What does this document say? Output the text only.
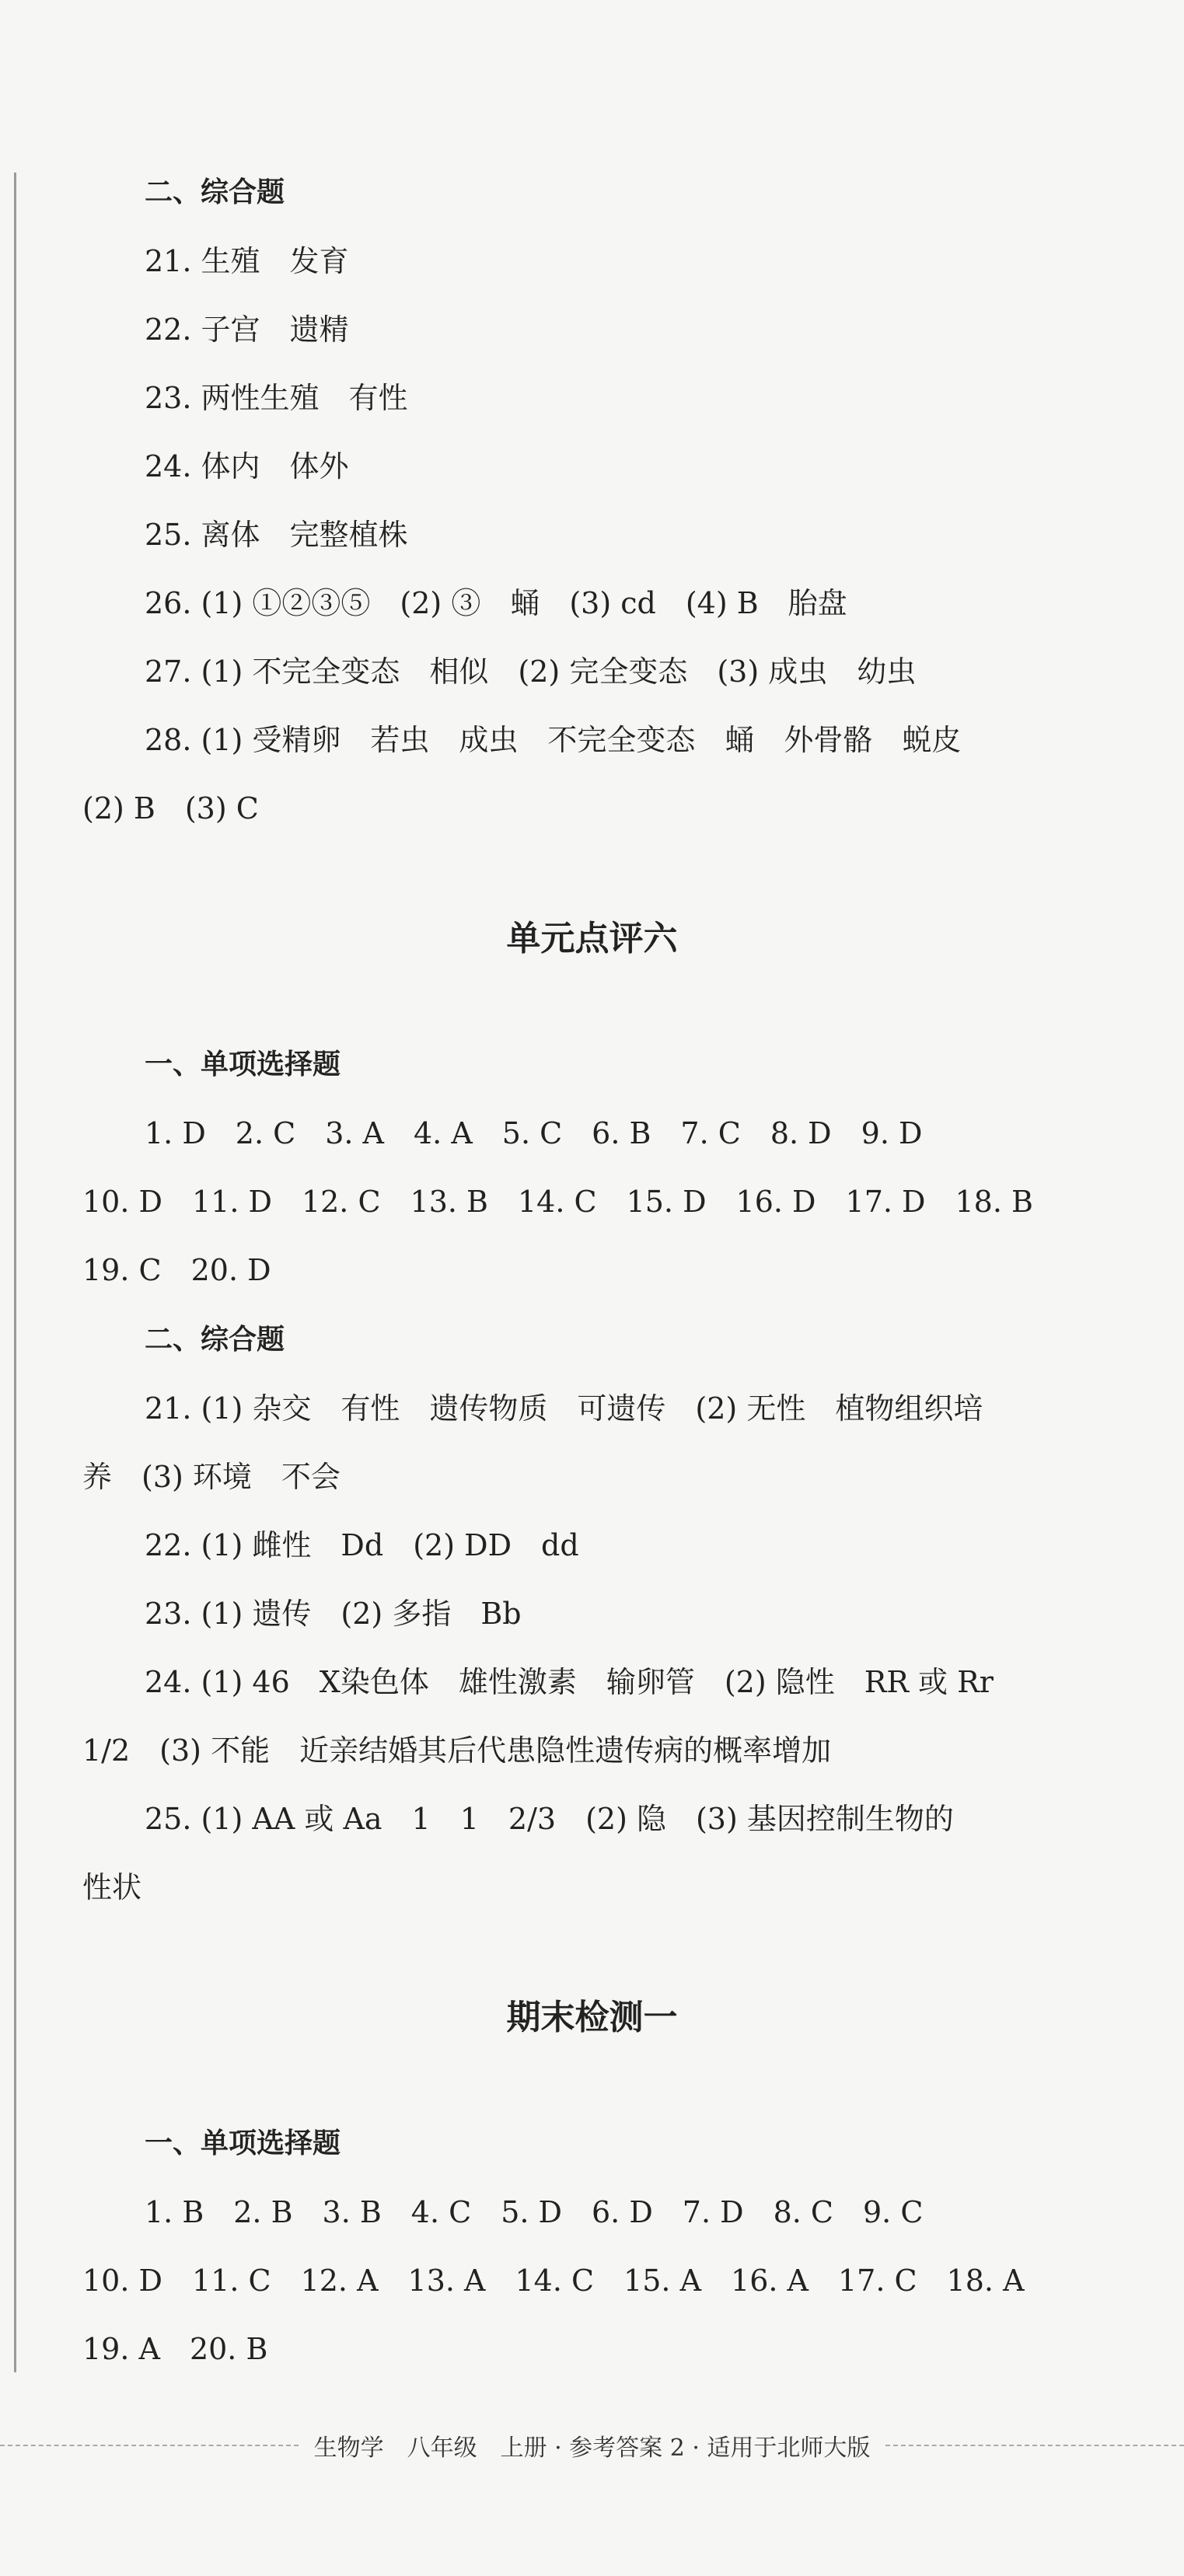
二、综合题
21. 生殖　发育
22. 子宫　遗精
23. 两性生殖　有性
24. 体内　体外
25. 离体　完整植株
26. (1) ①②③⑤　(2) ③　蛹　(3) cd　(4) B　胎盘
27. (1) 不完全变态　相似　(2) 完全变态　(3) 成虫　幼虫
28. (1) 受精卵　若虫　成虫　不完全变态　蛹　外骨骼　蜕皮
(2) B　(3) C
单元点评六
一、单项选择题
1. D　2. C　3. A　4. A　5. C　6. B　7. C　8. D　9. D
10. D　11. D　12. C　13. B　14. C　15. D　16. D　17. D　18. B
19. C　20. D
二、综合题
21. (1) 杂交　有性　遗传物质　可遗传　(2) 无性　植物组织培
养　(3) 环境　不会
22. (1) 雌性　Dd　(2) DD　dd
23. (1) 遗传　(2) 多指　Bb
24. (1) 46　X染色体　雄性激素　输卵管　(2) 隐性　RR 或 Rr
1/2　(3) 不能　近亲结婚其后代患隐性遗传病的概率增加
25. (1) AA 或 Aa　1　1　2/3　(2) 隐　(3) 基因控制生物的
性状
期末检测一
一、单项选择题
1. B　2. B　3. B　4. C　5. D　6. D　7. D　8. C　9. C
10. D　11. C　12. A　13. A　14. C　15. A　16. A　17. C　18. A
19. A　20. B
生物学　八年级　上册 · 参考答案 2 · 适用于北师大版
